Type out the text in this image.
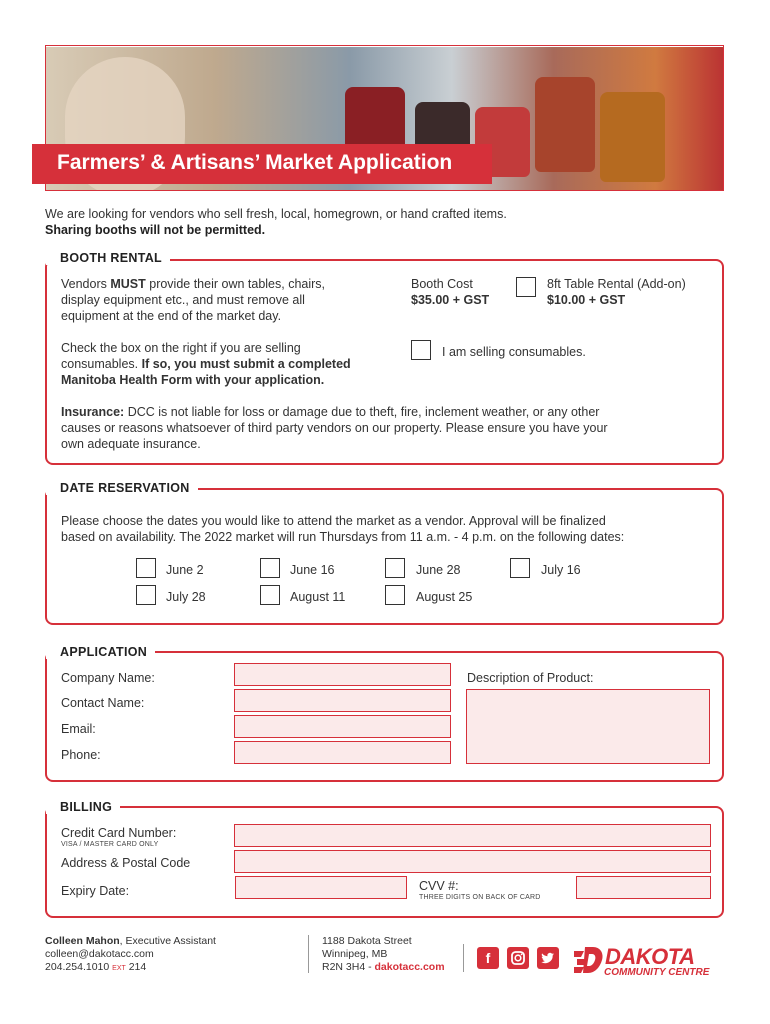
Farmers’ & Artisans’ Market Application
We are looking for vendors who sell fresh, local, homegrown, or hand crafted items.
Sharing booths will not be permitted.
BOOTH RENTAL
Vendors MUST provide their own tables, chairs,
display equipment etc., and must remove all
equipment at the end of the market day.
Booth Cost
$35.00 + GST
8ft Table Rental (Add-on)
$10.00 + GST
Check the box on the right if you are selling
consumables. If so, you must submit a completed
Manitoba Health Form with your application.
I am selling consumables.
Insurance: DCC is not liable for loss or damage due to theft, fire, inclement weather, or any other
causes or reasons whatsoever of third party vendors on our property. Please ensure you have your
own adequate insurance.
DATE RESERVATION
Please choose the dates you would like to attend the market as a vendor. Approval will be finalized
based on availability. The 2022 market will run Thursdays from 11 a.m. - 4 p.m. on the following dates:
June 2	June 16	June 28	July 16
July 28	August 11	August 25
APPLICATION
Company Name:
Contact Name:
Email:
Phone:
Description of Product:
BILLING
Credit Card Number:
VISA / MASTER CARD ONLY
Address & Postal Code
Expiry Date:	CVV #:
THREE DIGITS ON BACK OF CARD
Colleen Mahon, Executive Assistant
colleen@dakotacc.com
204.254.1010 EXT 214
1188 Dakota Street
Winnipeg, MB
R2N 3H4 - dakotacc.com
f	DAKOTA
COMMUNITY CENTRE
